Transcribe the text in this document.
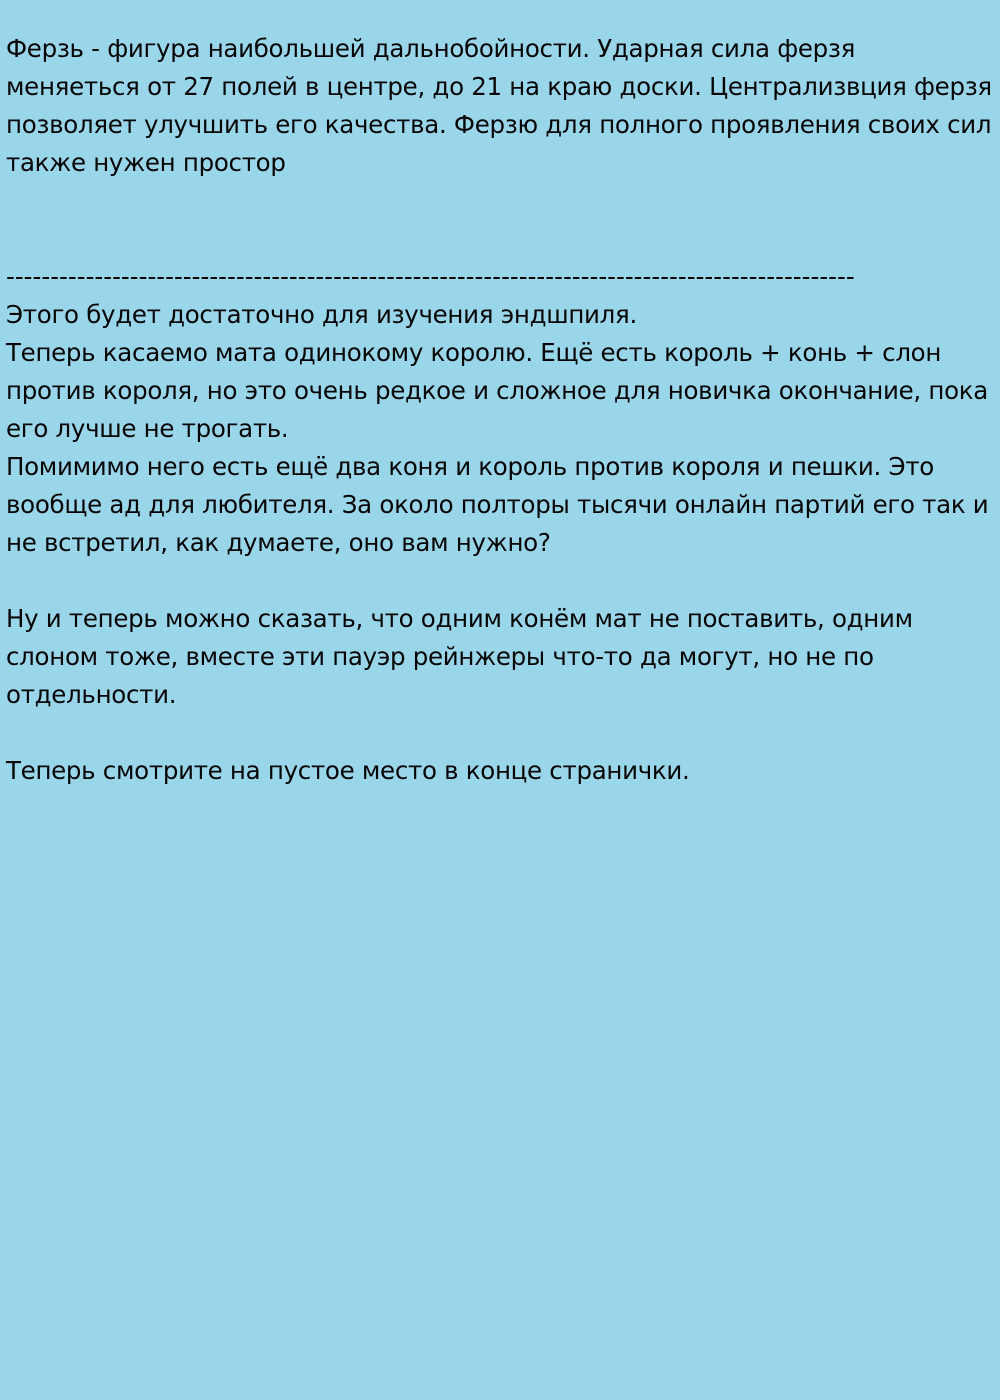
Ферзь - фигура наибольшей дальнобойности. Ударная сила ферзя меняеться от 27 полей в центре, до 21 на краю доски. Централизвция ферзя позволяет улучшить его качества. Ферзю для полного проявления своих сил также нужен простор

------------------------------------------------------------------------------------------------

Этого будет достаточно для изучения эндшпиля.

Теперь касаемо мата одинокому королю. Ещё есть король + конь + слон против короля, но это очень редкое и сложное для новичка окончание, пока его лучше не трогать.

Помимимо него есть ещё два коня и король против короля и пешки. Это вообще ад для любителя. За около полторы тысячи онлайн партий его так и не встретил, как думаете, оно вам нужно?

Ну и теперь можно сказать, что одним конём мат не поставить, одним слоном тоже, вместе эти пауэр рейнжеры что-то да могут, но не по отдельности.

Теперь смотрите на пустое место в конце странички.
